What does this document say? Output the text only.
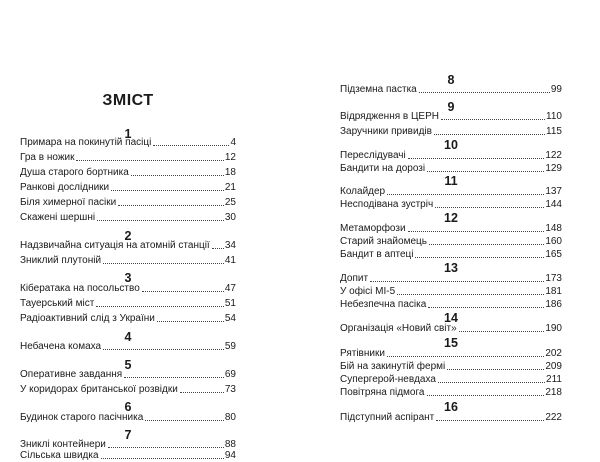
ЗМІСТ
1
Примара на покинутій пасіці	4
Гра в ножик	12
Душа старого бортника	18
Ранкові дослідники	21
Біля химерної пасіки	25
Скажені шершні	30
2
Надзвичайна ситуація на атомній станції 34
Зниклий плутоній	41
3
Кібератака на посольство	47
Тауерський міст	51
Радіоактивний слід з України	54
4
Небачена комаха	59
5
Оперативне завдання	69
У коридорах британської розвідки	73
6
Будинок старого пасічника	80
7
Зниклі контейнери	88
Сільська швидка	94
8
Підземна пастка	99
9
Відрядження в ЦЕРН	110
Заручники привидів	115
10
Переслідувачі	122
Бандити на дорозі	129
11
Колайдер	137
Несподівана зустріч	144
12
Метаморфози	148
Старий знайомець	160
Бандит в аптеці	165
13
Допит	173
У офісі МІ-5	181
Небезпечна пасіка	186
14
Організація «Новий світ»	190
15
Рятівники	202
Бій на закинутій фермі	209
Супергерой-невдаха	211
Повітряна підмога	218
16
Підступний аспірант	222
